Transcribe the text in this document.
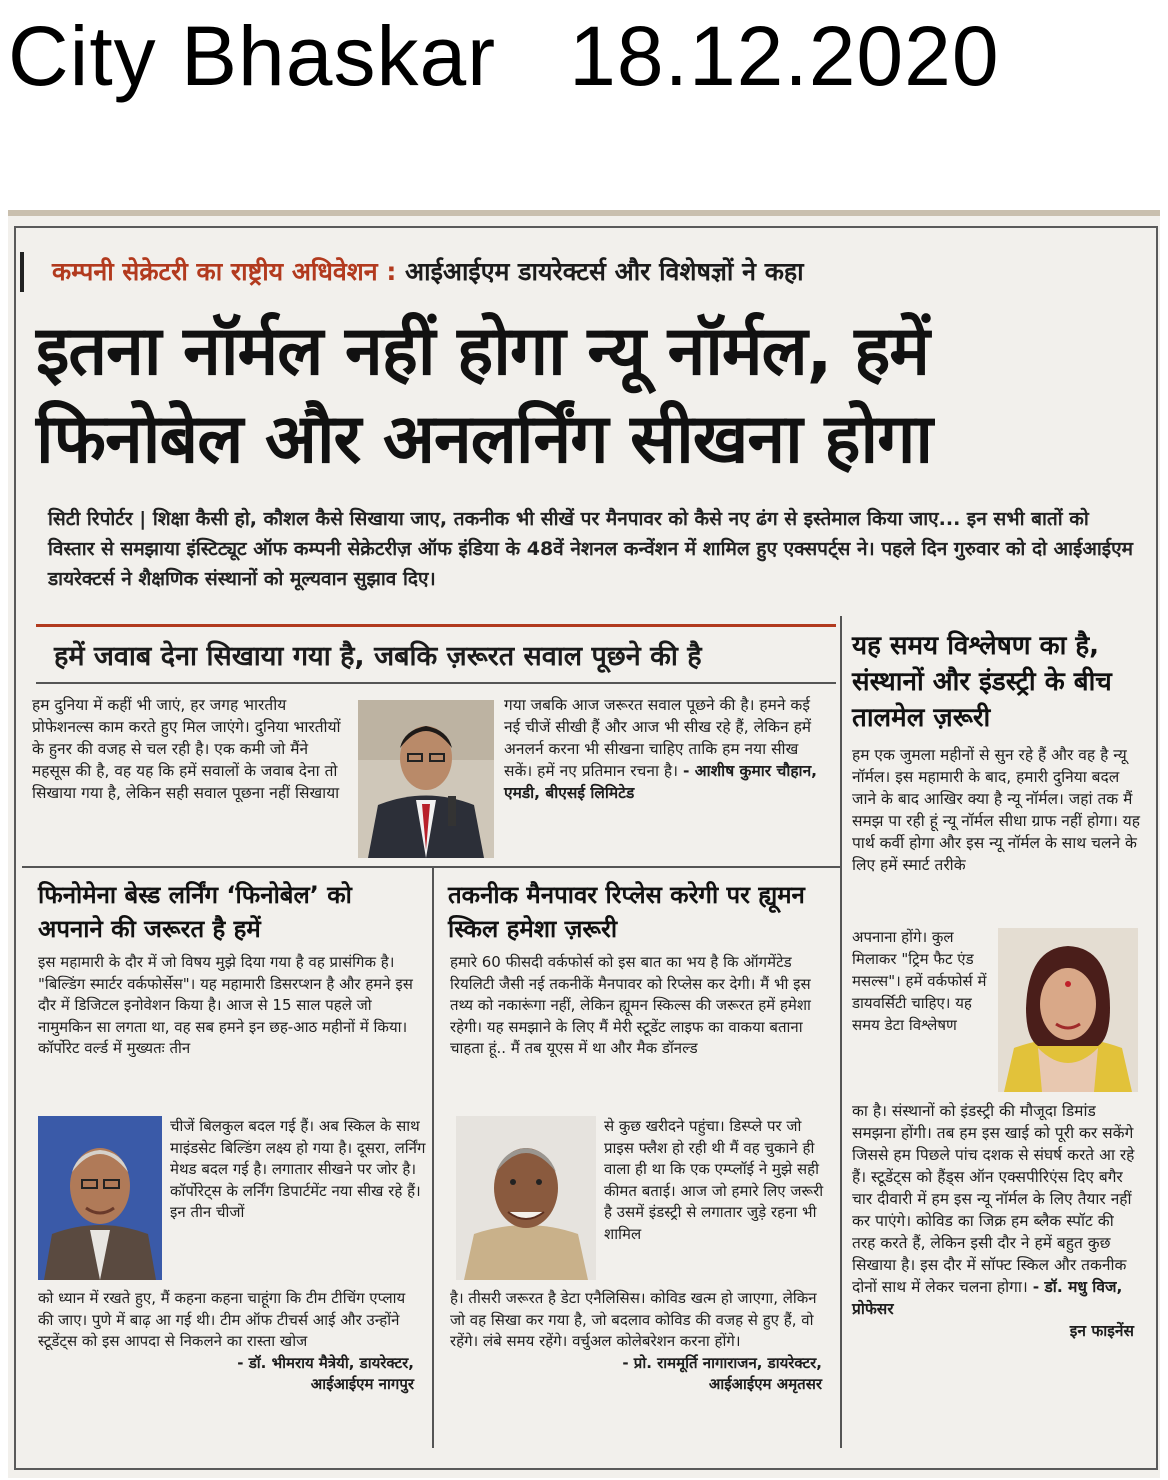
City Bhaskar 18.12.2020
कम्पनी सेक्रेटरी का राष्ट्रीय अधिवेशन : आईआईएम डायरेक्टर्स और विशेषज्ञों ने कहा
इतना नॉर्मल नहीं होगा न्यू नॉर्मल, हमें
फिनोबेल और अनलर्निंग सीखना होगा

सिटी रिपोर्टर | शिक्षा कैसी हो, कौशल कैसे सिखाया जाए, तकनीक भी सीखें पर मैनपावर को कैसे नए ढंग से इस्तेमाल किया जाए... इन सभी बातों को विस्तार से समझाया इंस्टिट्यूट ऑफ कम्पनी सेक्रेटरीज़ ऑफ इंडिया के 48वें नेशनल कन्वेंशन में शामिल हुए एक्सपर्ट्स ने। पहले दिन गुरुवार को दो आईआईएम डायरेक्टर्स ने शैक्षणिक संस्थानों को मूल्यवान सुझाव दिए।

हमें जवाब देना सिखाया गया है, जबकि ज़रूरत सवाल पूछने की है

हम दुनिया में कहीं भी जाएं, हर जगह भारतीय प्रोफेशनल्स काम करते हुए मिल जाएंगे। दुनिया भारतीयों के हुनर की वजह से चल रही है। एक कमी जो मैंने महसूस की है, वह यह कि हमें सवालों के जवाब देना तो सिखाया गया है, लेकिन सही सवाल पूछना नहीं सिखाया

गया जबकि आज जरूरत सवाल पूछने की है। हमने कई नई चीजें सीखी हैं और आज भी सीख रहे हैं, लेकिन हमें अनलर्न करना भी सीखना चाहिए ताकि हम नया सीख सकें। हमें नए प्रतिमान रचना है। - आशीष कुमार चौहान, एमडी, बीएसई लिमिटेड

फिनोमेना बेस्ड लर्निंग ‘फिनोबेल’ को अपनाने की जरूरत है हमें

इस महामारी के दौर में जो विषय मुझे दिया गया है वह प्रासंगिक है। "बिल्डिंग स्मार्टर वर्कफोर्सेस"। यह महामारी डिसरप्शन है और हमने इस दौर में डिजिटल इनोवेशन किया है। आज से 15 साल पहले जो नामुमकिन सा लगता था, वह सब हमने इन छह-आठ महीनों में किया। कॉर्पोरेट वर्ल्ड में मुख्यतः तीन

चीजें बिलकुल बदल गई हैं। अब स्किल के साथ माइंडसेट बिल्डिंग लक्ष्य हो गया है। दूसरा, लर्निंग मेथड बदल गई है। लगातार सीखने पर जोर है। कॉर्पोरेट्स के लर्निंग डिपार्टमेंट नया सीख रहे हैं। इन तीन चीजों

को ध्यान में रखते हुए, मैं कहना कहना चाहूंगा कि टीम टीचिंग एप्लाय की जाए। पुणे में बाढ़ आ गई थी। टीम ऑफ टीचर्स आई और उन्होंने स्टूडेंट्स को इस आपदा से निकलने का रास्ता खोज

- डॉ. भीमराय मैत्रेयी, डायरेक्टर,

आईआईएम नागपुर

तकनीक मैनपावर रिप्लेस करेगी पर ह्यूमन स्किल हमेशा ज़रूरी

हमारे 60 फीसदी वर्कफोर्स को इस बात का भय है कि ऑगमेंटेड रियलिटी जैसी नई तकनीकें मैनपावर को रिप्लेस कर देगी। मैं भी इस तथ्य को नकारूंगा नहीं, लेकिन ह्यूमन स्किल्स की जरूरत हमें हमेशा रहेगी। यह समझाने के लिए मैं मेरी स्टूडेंट लाइफ का वाकया बताना चाहता हूं.. मैं तब यूएस में था और मैक डॉनल्ड

से कुछ खरीदने पहुंचा। डिस्प्ले पर जो प्राइस फ्लैश हो रही थी मैं वह चुकाने ही वाला ही था कि एक एम्प्लॉई ने मुझे सही कीमत बताई। आज जो हमारे लिए जरूरी है उसमें इंडस्ट्री से लगातार जुड़े रहना भी शामिल

है। तीसरी जरूरत है डेटा एनैलिसिस। कोविड खत्म हो जाएगा, लेकिन जो वह सिखा कर गया है, जो बदलाव कोविड की वजह से हुए हैं, वो रहेंगे। लंबे समय रहेंगे। वर्चुअल कोलेबरेशन करना होंगे।

- प्रो. राममूर्ति नागाराजन, डायरेक्टर,

आईआईएम अमृतसर

यह समय विश्लेषण का है, संस्थानों और इंडस्ट्री के बीच तालमेल ज़रूरी

हम एक जुमला महीनों से सुन रहे हैं और वह है न्यू नॉर्मल। इस महामारी के बाद, हमारी दुनिया बदल जाने के बाद आखिर क्या है न्यू नॉर्मल। जहां तक मैं समझ पा रही हूं न्यू नॉर्मल सीधा ग्राफ नहीं होगा। यह पार्थ कर्वी होगा और इस न्यू नॉर्मल के साथ चलने के लिए हमें स्मार्ट तरीके

अपनाना होंगे। कुल मिलाकर "ट्रिम फैट एंड मसल्स"। हमें वर्कफोर्स में डायवर्सिटी चाहिए। यह समय डेटा विश्लेषण

का है। संस्थानों को इंडस्ट्री की मौजूदा डिमांड समझना होंगी। तब हम इस खाई को पूरी कर सकेंगे जिससे हम पिछले पांच दशक से संघर्ष करते आ रहे हैं। स्टूडेंट्स को हैंड्स ऑन एक्सपीरिएंस दिए बगैर चार दीवारी में हम इस न्यू नॉर्मल के लिए तैयार नहीं कर पाएंगे। कोविड का जिक्र हम ब्लैक स्पॉट की तरह करते हैं, लेकिन इसी दौर ने हमें बहुत कुछ सिखाया है। इस दौर में सॉफ्ट स्किल और तकनीक दोनों साथ में लेकर चलना होगा। - डॉ. मधु विज, प्रोफेसर

इन फाइनेंस
